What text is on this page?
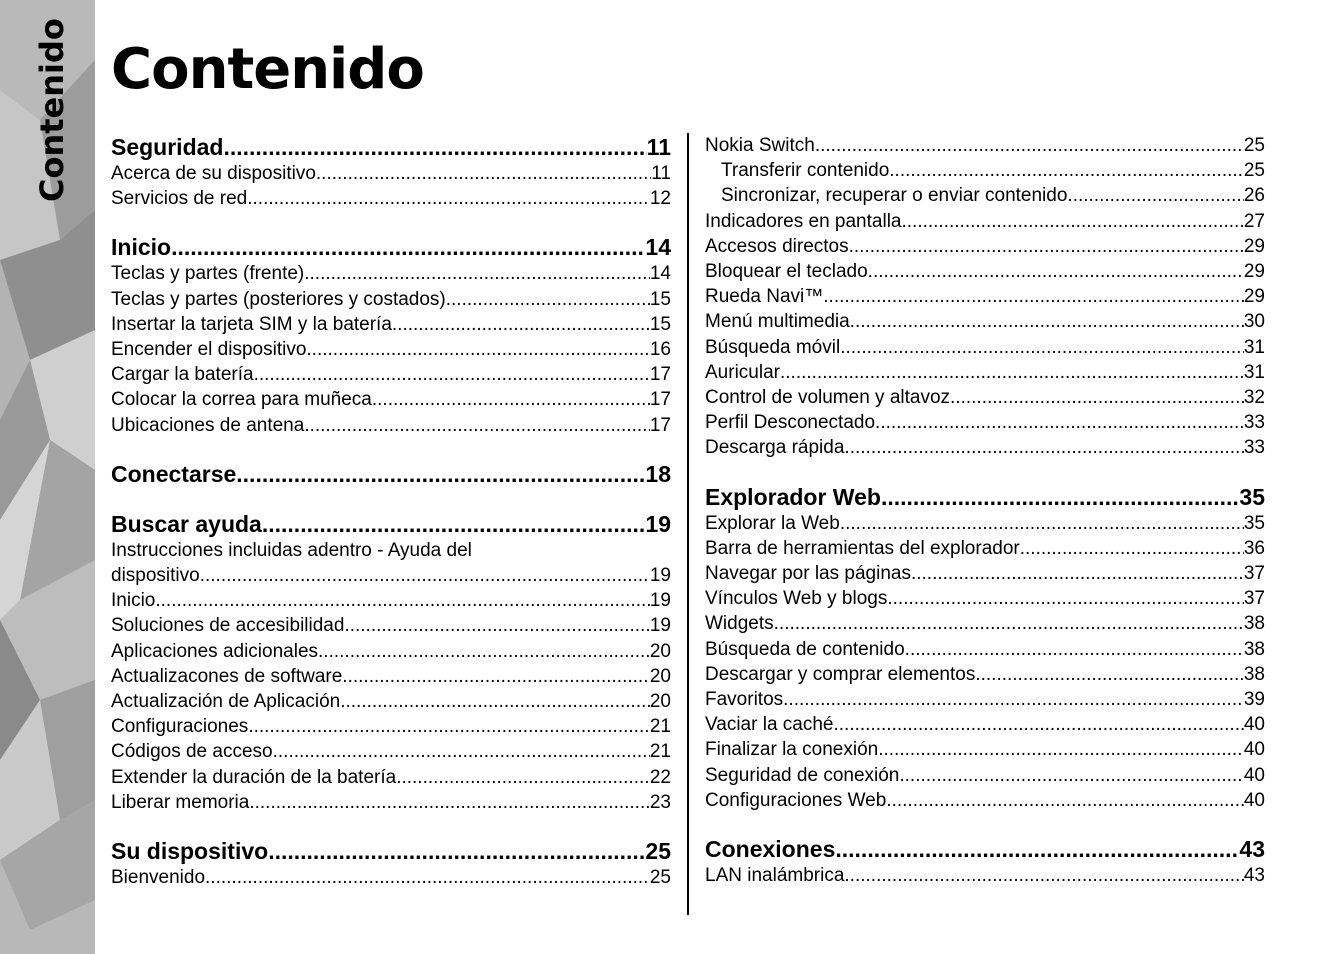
Contenido Contenido
Seguridad .....	11
Acerca de su dispositivo .....	11
Servicios de red .....	12
Inicio .....	14
Teclas y partes (frente) .....	14
Teclas y partes (posteriores y costados) .....	15
Insertar la tarjeta SIM y la batería .....	15
Encender el dispositivo .....	16
Cargar la batería .....	17
Colocar la correa para muñeca .....	17
Ubicaciones de antena .....	17
Conectarse .....	18
Buscar ayuda .....	19
Instrucciones incluidas adentro - Ayuda del
dispositivo .....	19
Inicio .....	19
Soluciones de accesibilidad .....	19
Aplicaciones adicionales .....	20
Actualizacones de software .....	20
Actualización de Aplicación .....	20
Configuraciones .....	21
Códigos de acceso .....	21
Extender la duración de la batería .....	22
Liberar memoria .....	23
Su dispositivo .....	25
Bienvenido .....	25
Nokia Switch .....	25
Transferir contenido .....	25
Sincronizar, recuperar o enviar contenido .....	26
Indicadores en pantalla .....	27
Accesos directos .....	29
Bloquear el teclado .....	29
Rueda Navi™ .....	29
Menú multimedia .....	30
Búsqueda móvil .....	31
Auricular .....	31
Control de volumen y altavoz .....	32
Perfil Desconectado .....	33
Descarga rápida .....	33
Explorador Web .....	35
Explorar la Web .....	35
Barra de herramientas del explorador .....	36
Navegar por las páginas .....	37
Vínculos Web y blogs .....	37
Widgets .....	38
Búsqueda de contenido .....	38
Descargar y comprar elementos .....	38
Favoritos .....	39
Vaciar la caché .....	40
Finalizar la conexión .....	40
Seguridad de conexión .....	40
Configuraciones Web .....	40
Conexiones .....	43
LAN inalámbrica .....	43
